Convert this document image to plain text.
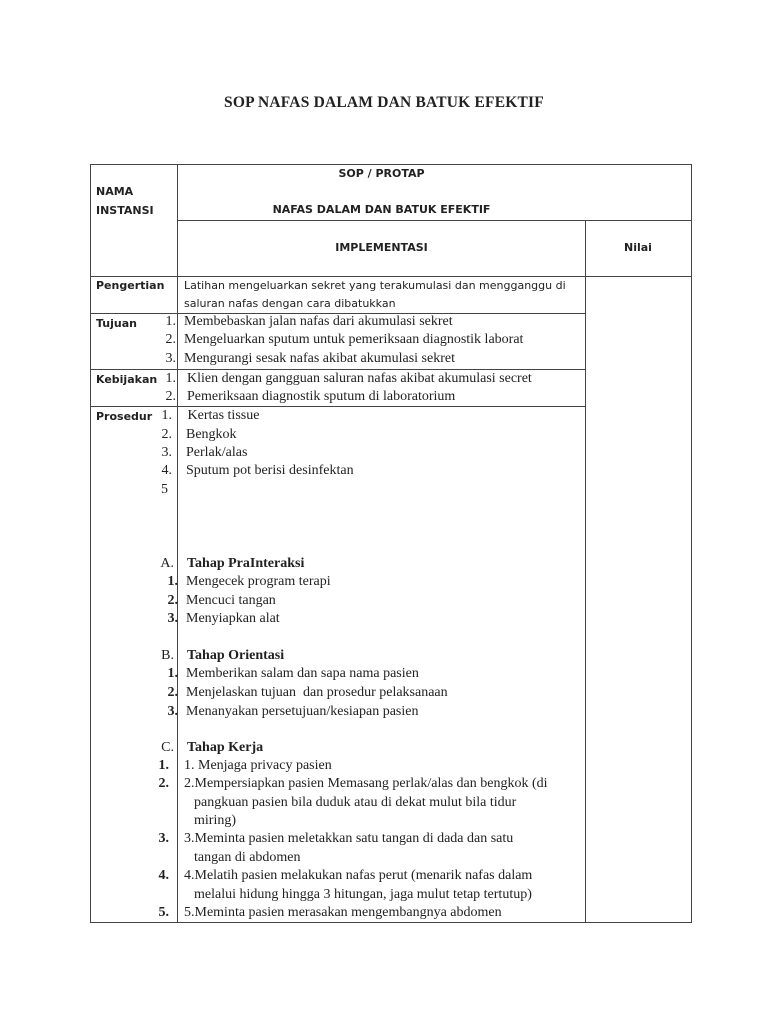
SOP NAFAS DALAM DAN BATUK EFEKTIF
NAMA
INSTANSI
SOP / PROTAP
NAFAS DALAM DAN BATUK EFEKTIF
IMPLEMENTASI	Nilai
Pengertian Latihan mengeluarkan sekret yang terakumulasi dan mengganggu di
saluran nafas dengan cara dibatukkan
Tujuan	1. Membebaskan jalan nafas dari akumulasi sekret
2. Mengeluarkan sputum untuk pemeriksaan diagnostik laborat
3. Mengurangi sesak nafas akibat akumulasi sekret
Kebijakan 1. Klien dengan gangguan saluran nafas akibat akumulasi secret
2. Pemeriksaan diagnostik sputum di laboratorium
Prosedur 1. Kertas tissue
2. Bengkok
3. Perlak/alas
4. Sputum pot berisi desinfektan
5
A. Tahap PraInteraksi
1. Mengecek program terapi
2. Mencuci tangan
3. Menyiapkan alat
B. Tahap Orientasi
1. Memberikan salam dan sapa nama pasien
2. Menjelaskan tujuan  dan prosedur pelaksanaan
3. Menanyakan persetujuan/kesiapan pasien
C. Tahap Kerja
1. 1. Menjaga privacy pasien
2. 2.Mempersiapkan pasien Memasang perlak/alas dan bengkok (di
pangkuan pasien bila duduk atau di dekat mulut bila tidur
miring)
3. 3.Meminta pasien meletakkan satu tangan di dada dan satu
tangan di abdomen
4. 4.Melatih pasien melakukan nafas perut (menarik nafas dalam
melalui hidung hingga 3 hitungan, jaga mulut tetap tertutup)
5. 5.Meminta pasien merasakan mengembangnya abdomen
